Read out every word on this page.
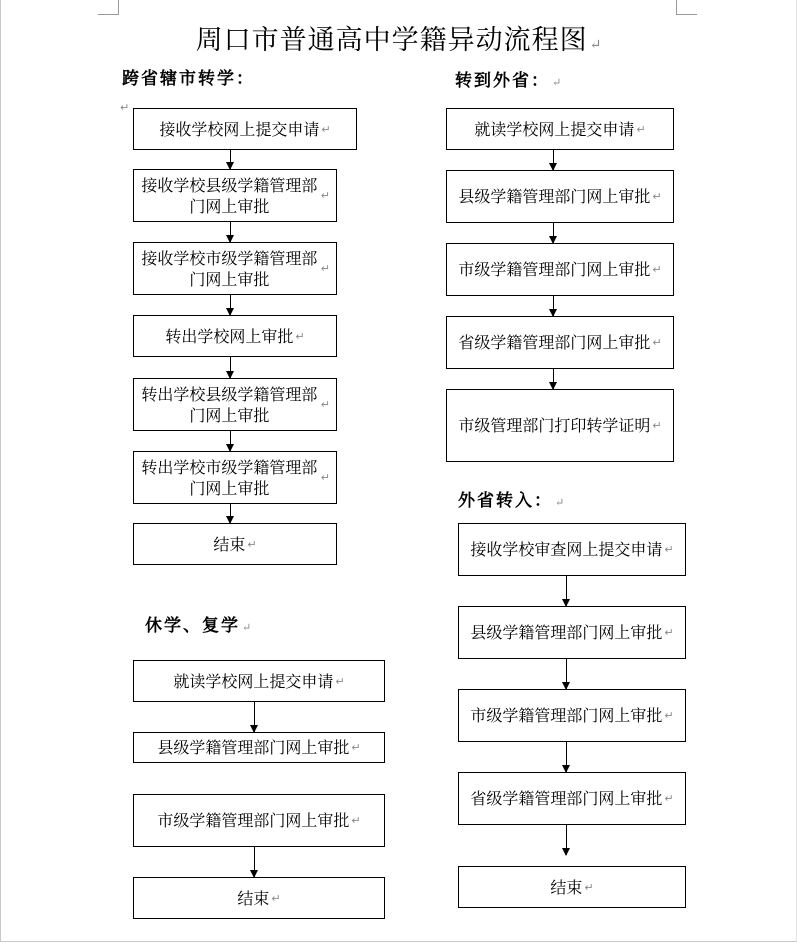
周口市普通高中学籍异动流程图 ↵
跨省辖市转学：
↵
接收学校网上提交申请 ↵
接收学校县级学籍管理部门网上审批
↵
接收学校市级学籍管理部门网上审批
↵
转出学校网上审批 ↵
转出学校县级学籍管理部门网上审批
↵
转出学校市级学籍管理部门网上审批
↵
结束 ↵
休学、复学 ↵
就读学校网上提交申请 ↵
县级学籍管理部门网上审批 ↵
市级学籍管理部门网上审批 ↵
结束 ↵
转到外省： ↵
就读学校网上提交申请 ↵
县级学籍管理部门网上审批 ↵
市级学籍管理部门网上审批 ↵
省级学籍管理部门网上审批 ↵
市级管理部门打印转学证明 ↵
外省转入： ↵
接收学校审查网上提交申请 ↵
县级学籍管理部门网上审批 ↵
市级学籍管理部门网上审批 ↵
省级学籍管理部门网上审批 ↵
结束 ↵
